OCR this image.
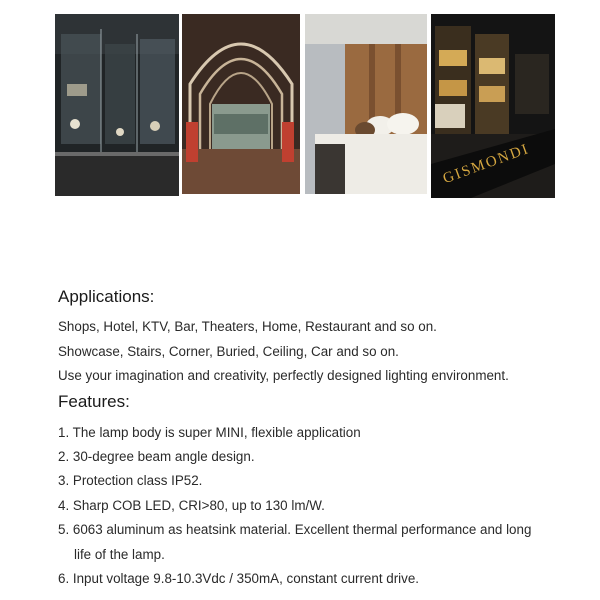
GISMONDI
Applications:

Shops, Hotel, KTV, Bar, Theaters, Home, Restaurant and so on.

Showcase, Stairs, Corner, Buried, Ceiling, Car and so on.

Use your imagination and creativity, perfectly designed lighting environment.

Features:

1. The lamp body is super MINI, flexible application

2. 30-degree beam angle design.

3. Protection class IP52.

4. Sharp COB LED, CRI>80, up to 130 lm/W.

5. 6063 aluminum as heatsink material. Excellent thermal performance and long

life of the lamp.

6. Input voltage 9.8-10.3Vdc / 350mA, constant current drive.
